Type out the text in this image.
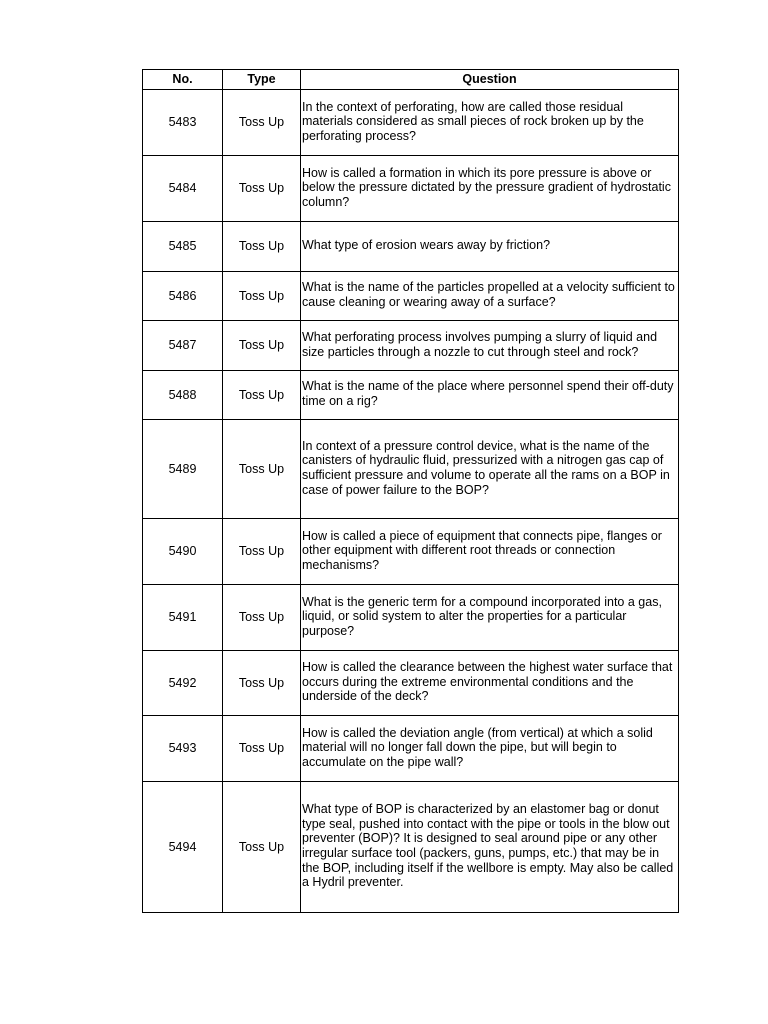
No.	Type	Question
5483	Toss Up	In the context of perforating, how are called those residual materials considered as small pieces of rock broken up by the perforating process?
5484	Toss Up	How is called a formation in which its pore pressure is above or below the pressure dictated by the pressure gradient of hydrostatic column?
5485	Toss Up	What type of erosion wears away by friction?
5486	Toss Up	What is the name of the particles propelled at a velocity sufficient to cause cleaning or wearing away of a surface?
5487	Toss Up	What perforating process involves pumping a slurry of liquid and size particles through a nozzle to cut through steel and rock?
5488	Toss Up	What is the name of the place where personnel spend their off-duty time on a rig?
5489	Toss Up	In context of a pressure control device, what is the name of the canisters of hydraulic fluid, pressurized with a nitrogen gas cap of sufficient pressure and volume to operate all the rams on a BOP in case of power failure to the BOP?
5490	Toss Up	How is called a piece of equipment that connects pipe, flanges or other equipment with different root threads or connection mechanisms?
5491	Toss Up	What is the generic term for a compound incorporated into a gas, liquid, or solid system to alter the properties for a particular purpose?
5492	Toss Up	How is called the clearance between the highest water surface that occurs during the extreme environmental conditions and the underside of the deck?
5493	Toss Up	How is called the deviation angle (from vertical) at which a solid material will no longer fall down the pipe, but will begin to accumulate on the pipe wall?
5494	Toss Up	What type of BOP is characterized by an elastomer bag or donut type seal, pushed into contact with the pipe or tools in the blow out preventer (BOP)? It is designed to seal around pipe or any other irregular surface tool (packers, guns, pumps, etc.) that may be in the BOP, including itself if the wellbore is empty. May also be called a Hydril preventer.
